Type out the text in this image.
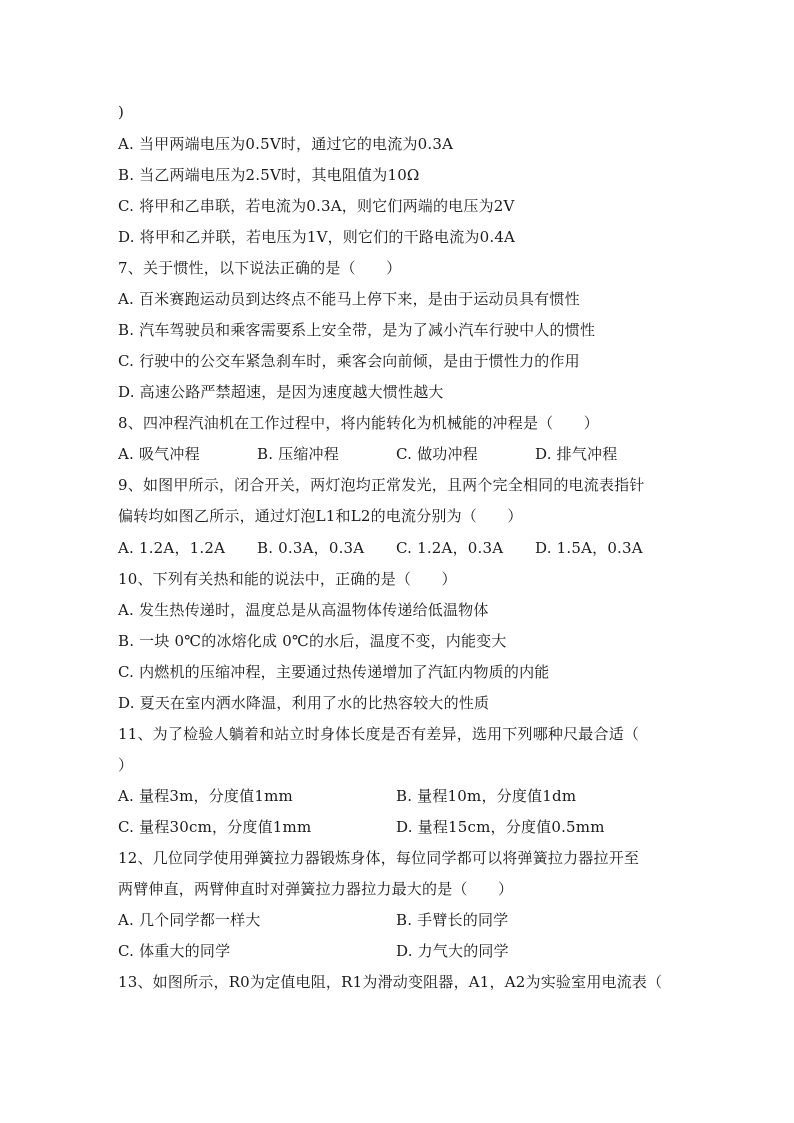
)
A. 当甲两端电压为0.5V时，通过它的电流为0.3A
B. 当乙两端电压为2.5V时，其电阻值为10Ω
C. 将甲和乙串联，若电流为0.3A，则它们两端的电压为2V
D. 将甲和乙并联，若电压为1V，则它们的干路电流为0.4A
7、关于惯性，以下说法正确的是（　　）
A. 百米赛跑运动员到达终点不能马上停下来，是由于运动员具有惯性
B. 汽车驾驶员和乘客需要系上安全带，是为了减小汽车行驶中人的惯性
C. 行驶中的公交车紧急刹车时，乘客会向前倾，是由于惯性力的作用
D. 高速公路严禁超速，是因为速度越大惯性越大
8、四冲程汽油机在工作过程中，将内能转化为机械能的冲程是（　　）
A. 吸气冲程	B. 压缩冲程	C. 做功冲程	D. 排气冲程
9、如图甲所示，闭合开关，两灯泡均正常发光，且两个完全相同的电流表指针
偏转均如图乙所示，通过灯泡L1和L2的电流分别为（　　）
A. 1.2A，1.2A B. 0.3A，0.3A C. 1.2A，0.3A D. 1.5A，0.3A
10、下列有关热和能的说法中，正确的是（　　）
A. 发生热传递时，温度总是从高温物体传递给低温物体
B. 一块 0℃的冰熔化成 0℃的水后，温度不变，内能变大
C. 内燃机的压缩冲程，主要通过热传递增加了汽缸内物质的内能
D. 夏天在室内洒水降温，利用了水的比热容较大的性质
11、为了检验人躺着和站立时身体长度是否有差异，选用下列哪种尺最合适（
）
A. 量程3m，分度值1mm	B. 量程10m，分度值1dm
C. 量程30cm，分度值1mm	D. 量程15cm，分度值0.5mm
12、几位同学使用弹簧拉力器锻炼身体，每位同学都可以将弹簧拉力器拉开至
两臂伸直，两臂伸直时对弹簧拉力器拉力最大的是（　　）
A. 几个同学都一样大	B. 手臂长的同学
C. 体重大的同学	D. 力气大的同学
13、如图所示，R0为定值电阻，R1为滑动变阻器，A1，A2为实验室用电流表（
